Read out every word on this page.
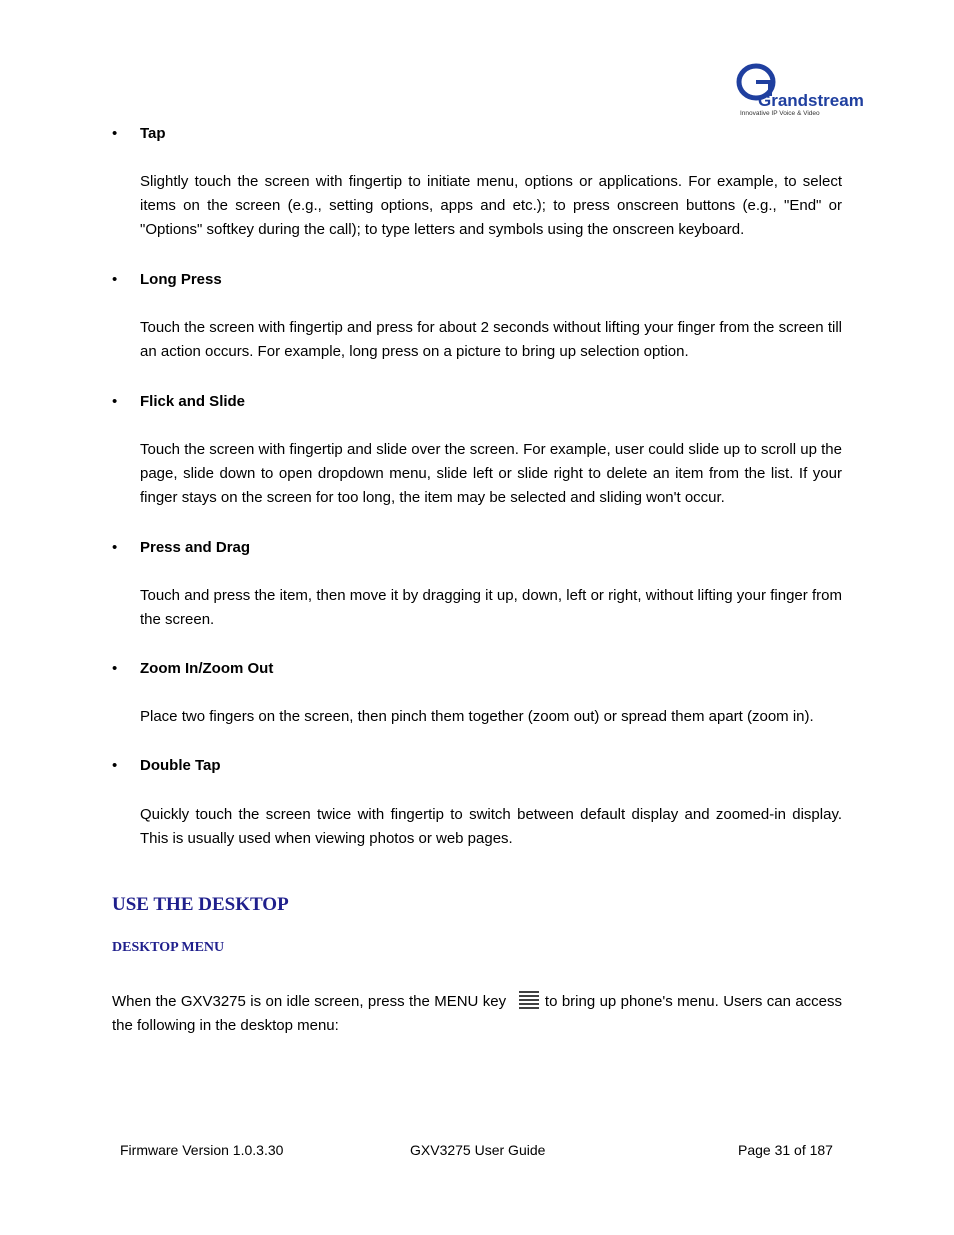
Grandstream
Innovative IP Voice & Video
• Tap
Slightly touch the screen with fingertip to initiate menu, options or applications. For example, to select items on the screen (e.g., setting options, apps and etc.); to press onscreen buttons (e.g., "End" or "Options" softkey during the call); to type letters and symbols using the onscreen keyboard.
• Long Press
Touch the screen with fingertip and press for about 2 seconds without lifting your finger from the screen till an action occurs. For example, long press on a picture to bring up selection option.
• Flick and Slide
Touch the screen with fingertip and slide over the screen. For example, user could slide up to scroll up the page, slide down to open dropdown menu, slide left or slide right to delete an item from the list. If your finger stays on the screen for too long, the item may be selected and sliding won't occur.
• Press and Drag
Touch and press the item, then move it by dragging it up, down, left or right, without lifting your finger from the screen.
• Zoom In/Zoom Out
Place two fingers on the screen, then pinch them together (zoom out) or spread them apart (zoom in).
• Double Tap
Quickly touch the screen twice with fingertip to switch between default display and zoomed-in display. This is usually used when viewing photos or web pages.
USE THE DESKTOP
DESKTOP MENU
When the GXV3275 is on idle screen, press the MENU key	to bring up phone's menu. Users can access the following in the desktop menu:
Firmware Version 1.0.3.30	GXV3275 User Guide	Page 31 of 187
